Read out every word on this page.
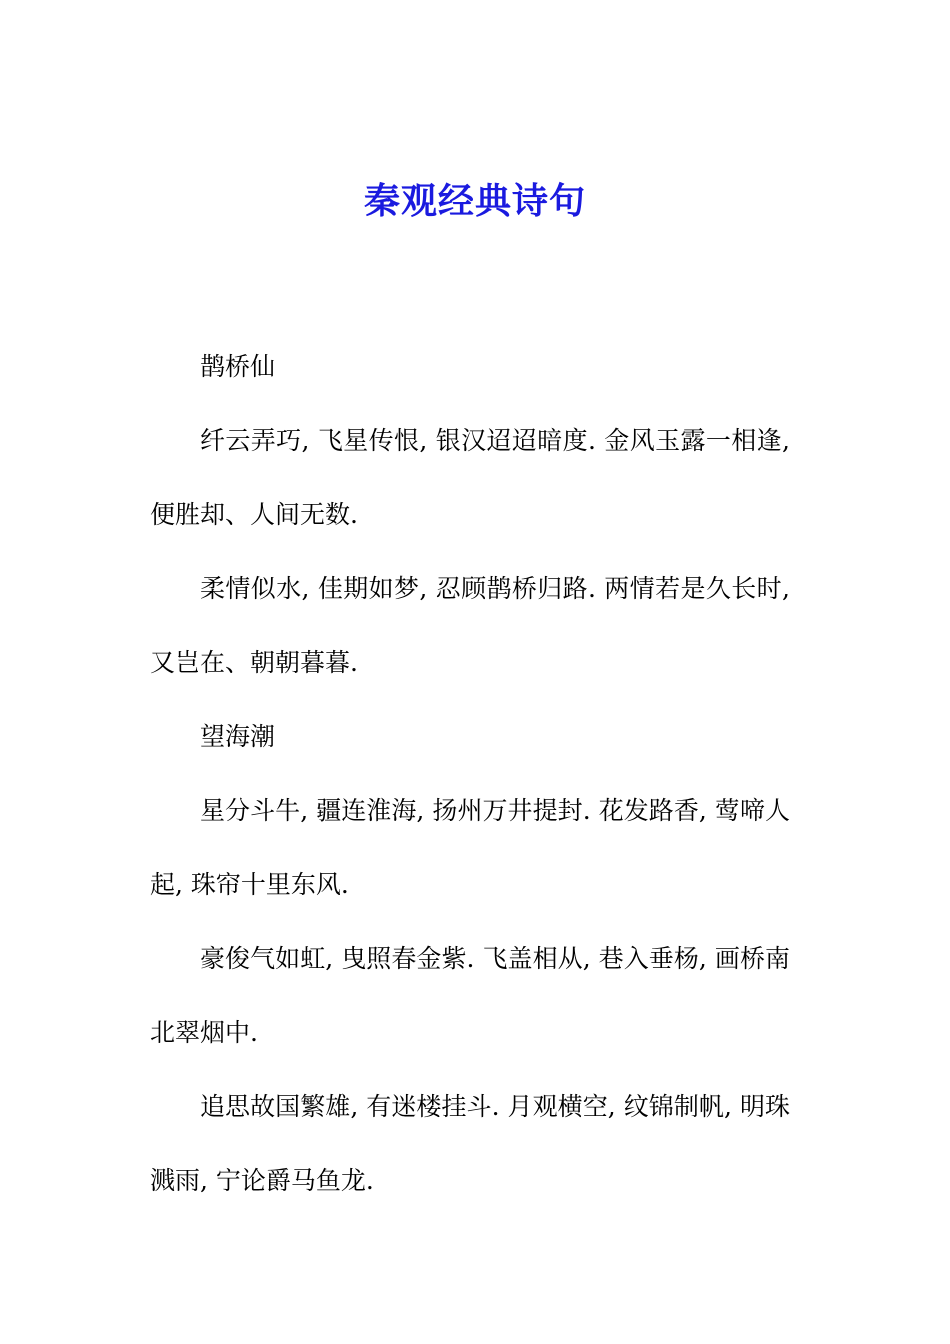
秦观经典诗句

鹊桥仙

纤云弄巧, 飞星传恨, 银汉迢迢暗度. 金风玉露一相逢, 便胜却、人间无数.

柔情似水, 佳期如梦, 忍顾鹊桥归路. 两情若是久长时, 又岂在、朝朝暮暮.

望海潮

星分斗牛, 疆连淮海, 扬州万井提封. 花发路香, 莺啼人起, 珠帘十里东风.

豪俊气如虹, 曳照春金紫. 飞盖相从, 巷入垂杨, 画桥南北翠烟中.

追思故国繁雄, 有迷楼挂斗. 月观横空, 纹锦制帆, 明珠溅雨, 宁论爵马鱼龙.
